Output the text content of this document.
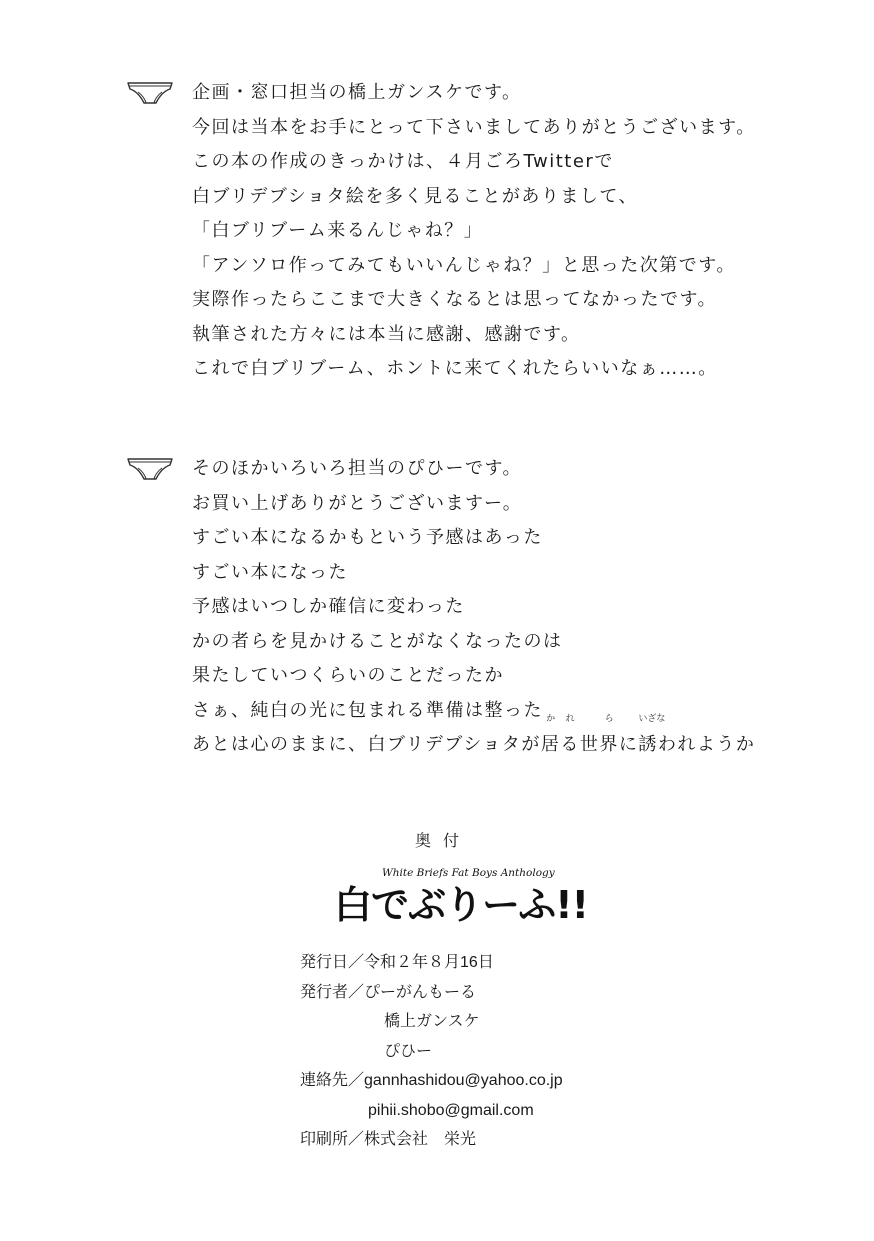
企画・窓口担当の橋上ガンスケです。
今回は当本をお手にとって下さいましてありがとうございます。
この本の作成のきっかけは、４月ごろTwitterで
白ブリデブショタ絵を多く見ることがありまして、
「白ブリブーム来るんじゃね？」
「アンソロ作ってみてもいいんじゃね？」と思った次第です。
実際作ったらここまで大きくなるとは思ってなかったです。
執筆された方々には本当に感謝、感謝です。
これで白ブリブーム、ホントに来てくれたらいいなぁ……。
そのほかいろいろ担当のぴひーです。
お買い上げありがとうございますー。
すごい本になるかもという予感はあった
すごい本になった
予感はいつしか確信に変わった
かの者らを見かけることがなくなったのは
果たしていつくらいのことだったか
さぁ、純白の光に包まれる準備は整った
あとは心のままに、白ブリデブショタが
か
居
れ
る
ら
世界に
いざな
誘われようか
奥付
White Briefs Fat Boys Anthology
白でぶりーふ!!
発行日／令和２年８月16日
発行者／ぴーがんもーる
橋上ガンスケ
ぴひー
連絡先／gannhashidou@yahoo.co.jp
pihii.shobo@gmail.com
印刷所／株式会社　栄光
